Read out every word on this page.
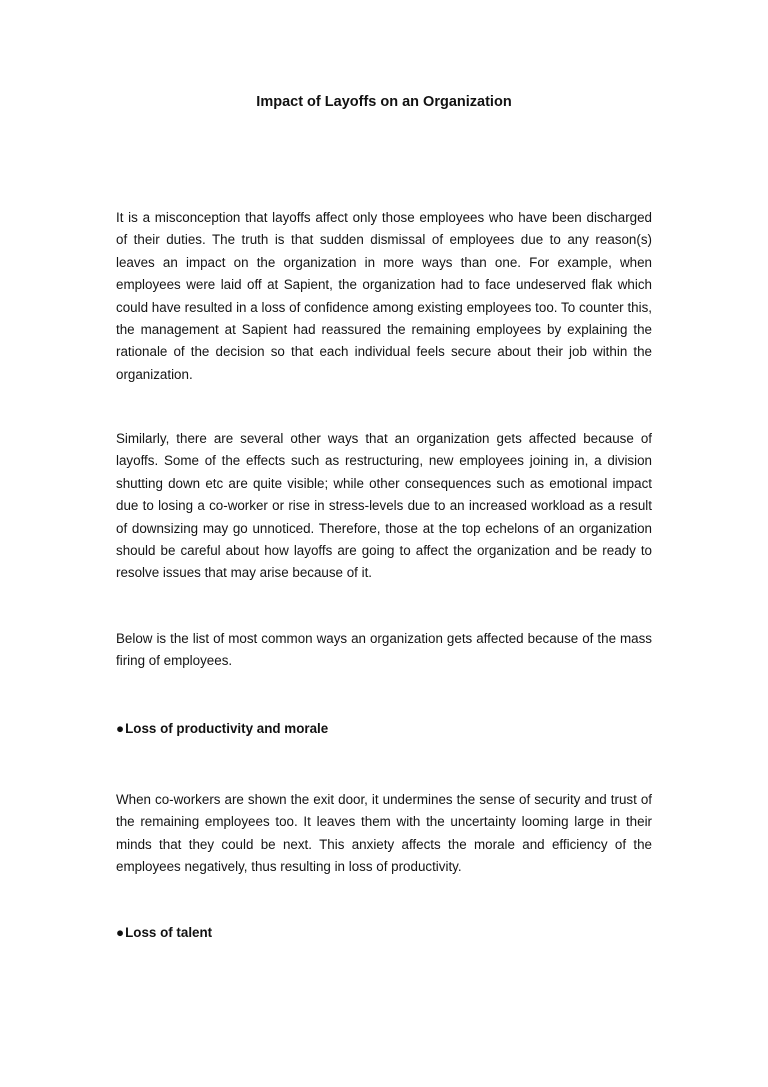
Impact of Layoffs on an Organization

It is a misconception that layoffs affect only those employees who have been discharged of their duties. The truth is that sudden dismissal of employees due to any reason(s) leaves an impact on the organization in more ways than one. For example, when employees were laid off at Sapient, the organization had to face undeserved flak which could have resulted in a loss of confidence among existing employees too. To counter this, the management at Sapient had reassured the remaining employees by explaining the rationale of the decision so that each individual feels secure about their job within the organization.

Similarly, there are several other ways that an organization gets affected because of layoffs. Some of the effects such as restructuring, new employees joining in, a division shutting down etc are quite visible; while other consequences such as emotional impact due to losing a co-worker or rise in stress-levels due to an increased workload as a result of downsizing may go unnoticed. Therefore, those at the top echelons of an organization should be careful about how layoffs are going to affect the organization and be ready to resolve issues that may arise because of it.

Below is the list of most common ways an organization gets affected because of the mass firing of employees.

●Loss of productivity and morale

When co-workers are shown the exit door, it undermines the sense of security and trust of the remaining employees too. It leaves them with the uncertainty looming large in their minds that they could be next. This anxiety affects the morale and efficiency of the employees negatively, thus resulting in loss of productivity.

●Loss of talent
